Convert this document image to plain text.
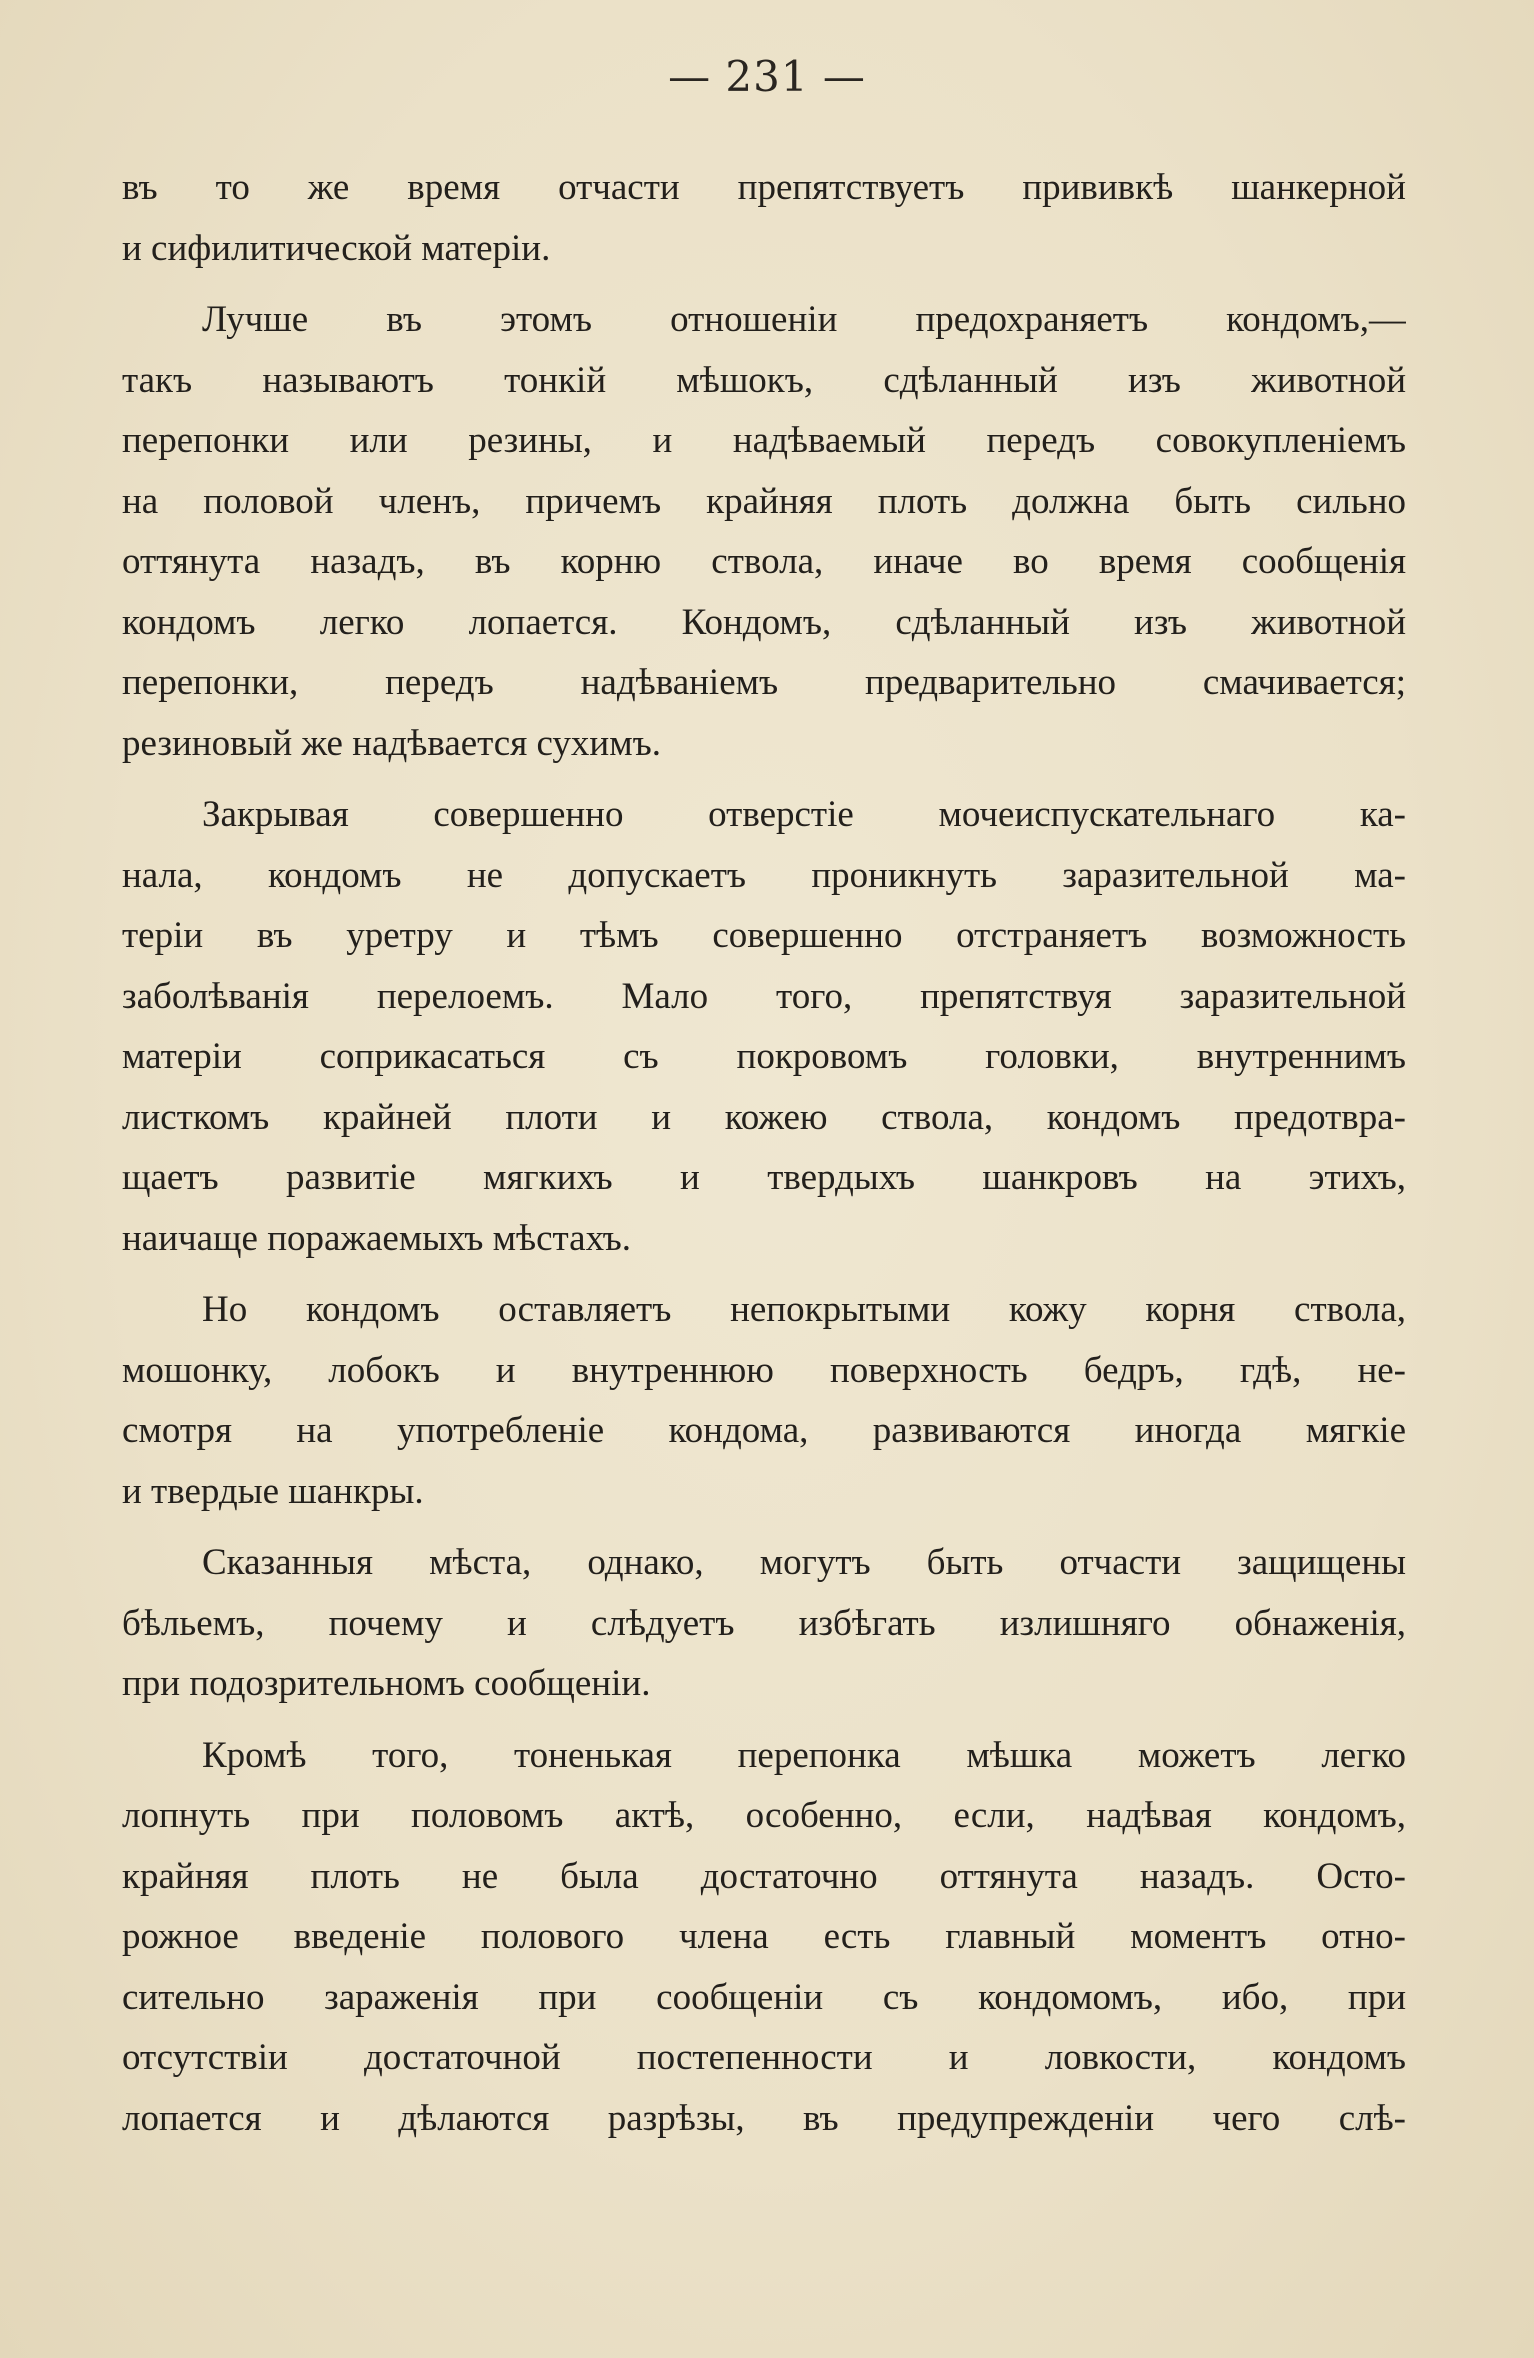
— 231 —
въ то же время отчасти препятствуетъ прививкѣ шанкерной
и сифилитической матеріи.
Лучше въ этомъ отношеніи предохраняетъ кондомъ,—
такъ называютъ тонкій мѣшокъ, сдѣланный изъ животной
перепонки или резины, и надѣваемый передъ совокупленіемъ
на половой членъ, причемъ крайняя плоть должна быть сильно
оттянута назадъ, въ корню ствола, иначе во время сообщенія
кондомъ легко лопается. Кондомъ, сдѣланный изъ животной
перепонки, передъ надѣваніемъ предварительно смачивается;
резиновый же надѣвается сухимъ.
Закрывая совершенно отверстіе мочеиспускательнаго ка-
нала, кондомъ не допускаетъ проникнуть заразительной ма-
теріи въ уретру и тѣмъ совершенно отстраняетъ возможность
заболѣванія перелоемъ. Мало того, препятствуя заразительной
матеріи соприкасаться съ покровомъ головки, внутреннимъ
листкомъ крайней плоти и кожею ствола, кондомъ предотвра-
щаетъ развитіе мягкихъ и твердыхъ шанкровъ на этихъ,
наичаще поражаемыхъ мѣстахъ.
Но кондомъ оставляетъ непокрытыми кожу корня ствола,
мошонку, лобокъ и внутреннюю поверхность бедръ, гдѣ, не-
смотря на употребленіе кондома, развиваются иногда мягкіе
и твердые шанкры.
Сказанныя мѣста, однако, могутъ быть отчасти защищены
бѣльемъ, почему и слѣдуетъ избѣгать излишняго обнаженія,
при подозрительномъ сообщеніи.
Кромѣ того, тоненькая перепонка мѣшка можетъ легко
лопнуть при половомъ актѣ, особенно, если, надѣвая кондомъ,
крайняя плоть не была достаточно оттянута назадъ. Осто-
рожное введеніе полового члена есть главный моментъ отно-
сительно зараженія при сообщеніи съ кондомомъ, ибо, при
отсутствіи достаточной постепенности и ловкости, кондомъ
лопается и дѣлаются разрѣзы, въ предупрежденіи чего слѣ-
